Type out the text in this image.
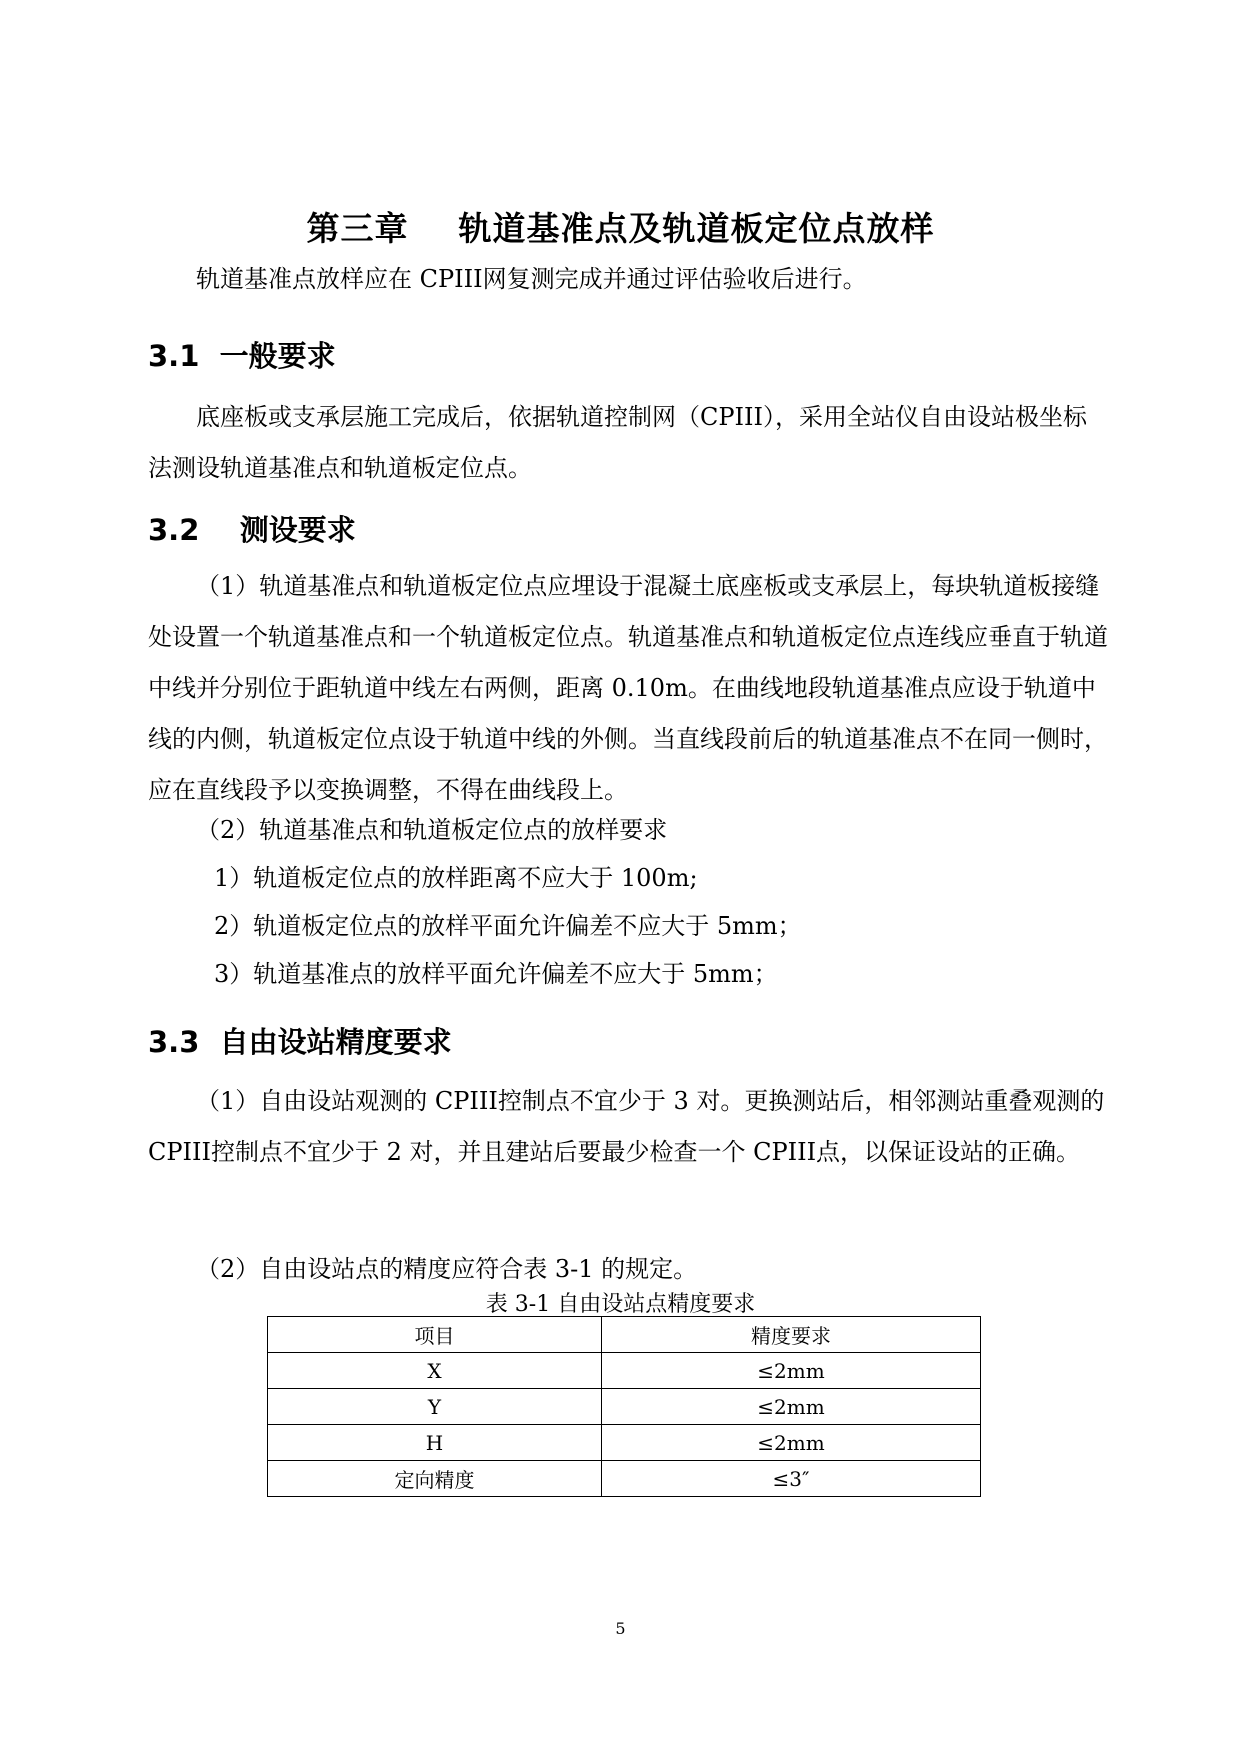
第三章    轨道基准点及轨道板定位点放样

轨道基准点放样应在 CPIII网复测完成并通过评估验收后进行。

3.1  一般要求

底座板或支承层施工完成后，依据轨道控制网（CPIII），采用全站仪自由设站极坐标法测设轨道基准点和轨道板定位点。

3.2    测设要求

（1）轨道基准点和轨道板定位点应埋设于混凝土底座板或支承层上，每块轨道板接缝处设置一个轨道基准点和一个轨道板定位点。轨道基准点和轨道板定位点连线应垂直于轨道中线并分别位于距轨道中线左右两侧，距离 0.10m。在曲线地段轨道基准点应设于轨道中线的内侧，轨道板定位点设于轨道中线的外侧。当直线段前后的轨道基准点不在同一侧时，应在直线段予以变换调整，不得在曲线段上。

（2）轨道基准点和轨道板定位点的放样要求

1）轨道板定位点的放样距离不应大于 100m;

2）轨道板定位点的放样平面允许偏差不应大于 5mm；

3）轨道基准点的放样平面允许偏差不应大于 5mm；

3.3  自由设站精度要求

（1）自由设站观测的 CPIII控制点不宜少于 3 对。更换测站后，相邻测站重叠观测的 CPIII控制点不宜少于 2 对，并且建站后要最少检查一个 CPIII点，以保证设站的正确。

（2）自由设站点的精度应符合表 3-1 的规定。

表 3-1 自由设站点精度要求

项目	精度要求
X	≤2mm
Y	≤2mm
H	≤2mm
定向精度	≤3″

5
